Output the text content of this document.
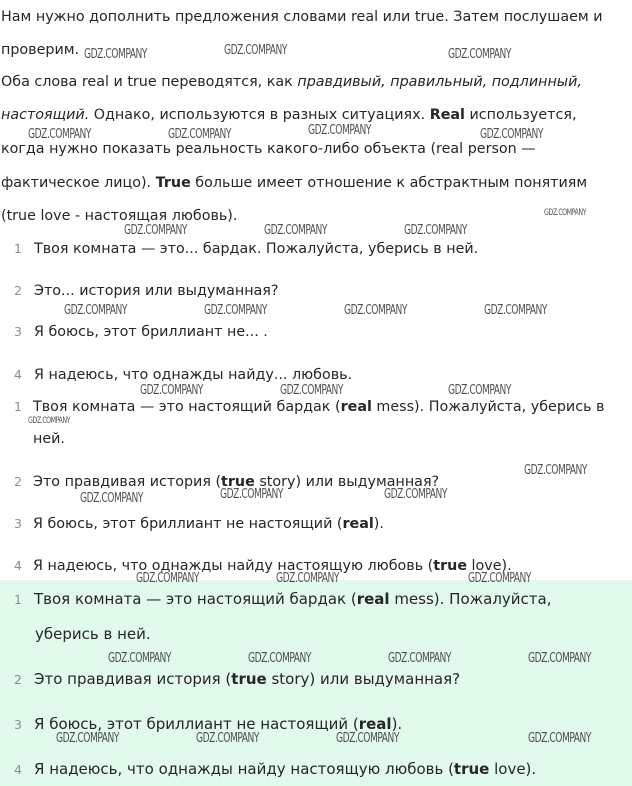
Нам нужно дополнить предложения словами real или true. Затем послушаем и
проверим.
Оба слова real и true переводятся, как правдивый, правильный, подлинный,
настоящий. Однако, используются в разных ситуациях. Real используется,
когда нужно показать реальность какого-либо объекта (real person —
фактическое лицо). True больше имеет отношение к абстрактным понятиям
(true love - настоящая любовь).
1 Твоя комната — это... бардак. Пожалуйста, уберись в ней.
2 Это... история или выдуманная?
3 Я боюсь, этот бриллиант не... .
4 Я надеюсь, что однажды найду... любовь.
1 Твоя комната — это настоящий бардак (real mess). Пожалуйста, уберись в
ней.
2 Это правдивая история (true story) или выдуманная?
3 Я боюсь, этот бриллиант не настоящий (real).
4 Я надеюсь, что однажды найду настоящую любовь (true love).
1 Твоя комната — это настоящий бардак (real mess). Пожалуйста,
уберись в ней.
2 Это правдивая история (true story) или выдуманная?
3 Я боюсь, этот бриллиант не настоящий (real).
4 Я надеюсь, что однажды найду настоящую любовь (true love).
GDZ.COMPANY	GDZ.COMPANY	GDZ.COMPANY
GDZ.COMPANY	GDZ.COMPANY	GDZ.COMPANY	GDZ.COMPANY
GDZ.COMPANY
GDZ.COMPANY	GDZ.COMPANY	GDZ.COMPANY
GDZ.COMPANY	GDZ.COMPANY	GDZ.COMPANY	GDZ.COMPANY
GDZ.COMPANY	GDZ.COMPANY	GDZ.COMPANY
GDZ.COMPANY
GDZ.COMPANY
GDZ.COMPANY	GDZ.COMPANY	GDZ.COMPANY
GDZ.COMPANY	GDZ.COMPANY	GDZ.COMPANY
GDZ.COMPANY	GDZ.COMPANY	GDZ.COMPANY	GDZ.COMPANY
GDZ.COMPANY	GDZ.COMPANY	GDZ.COMPANY	GDZ.COMPANY
